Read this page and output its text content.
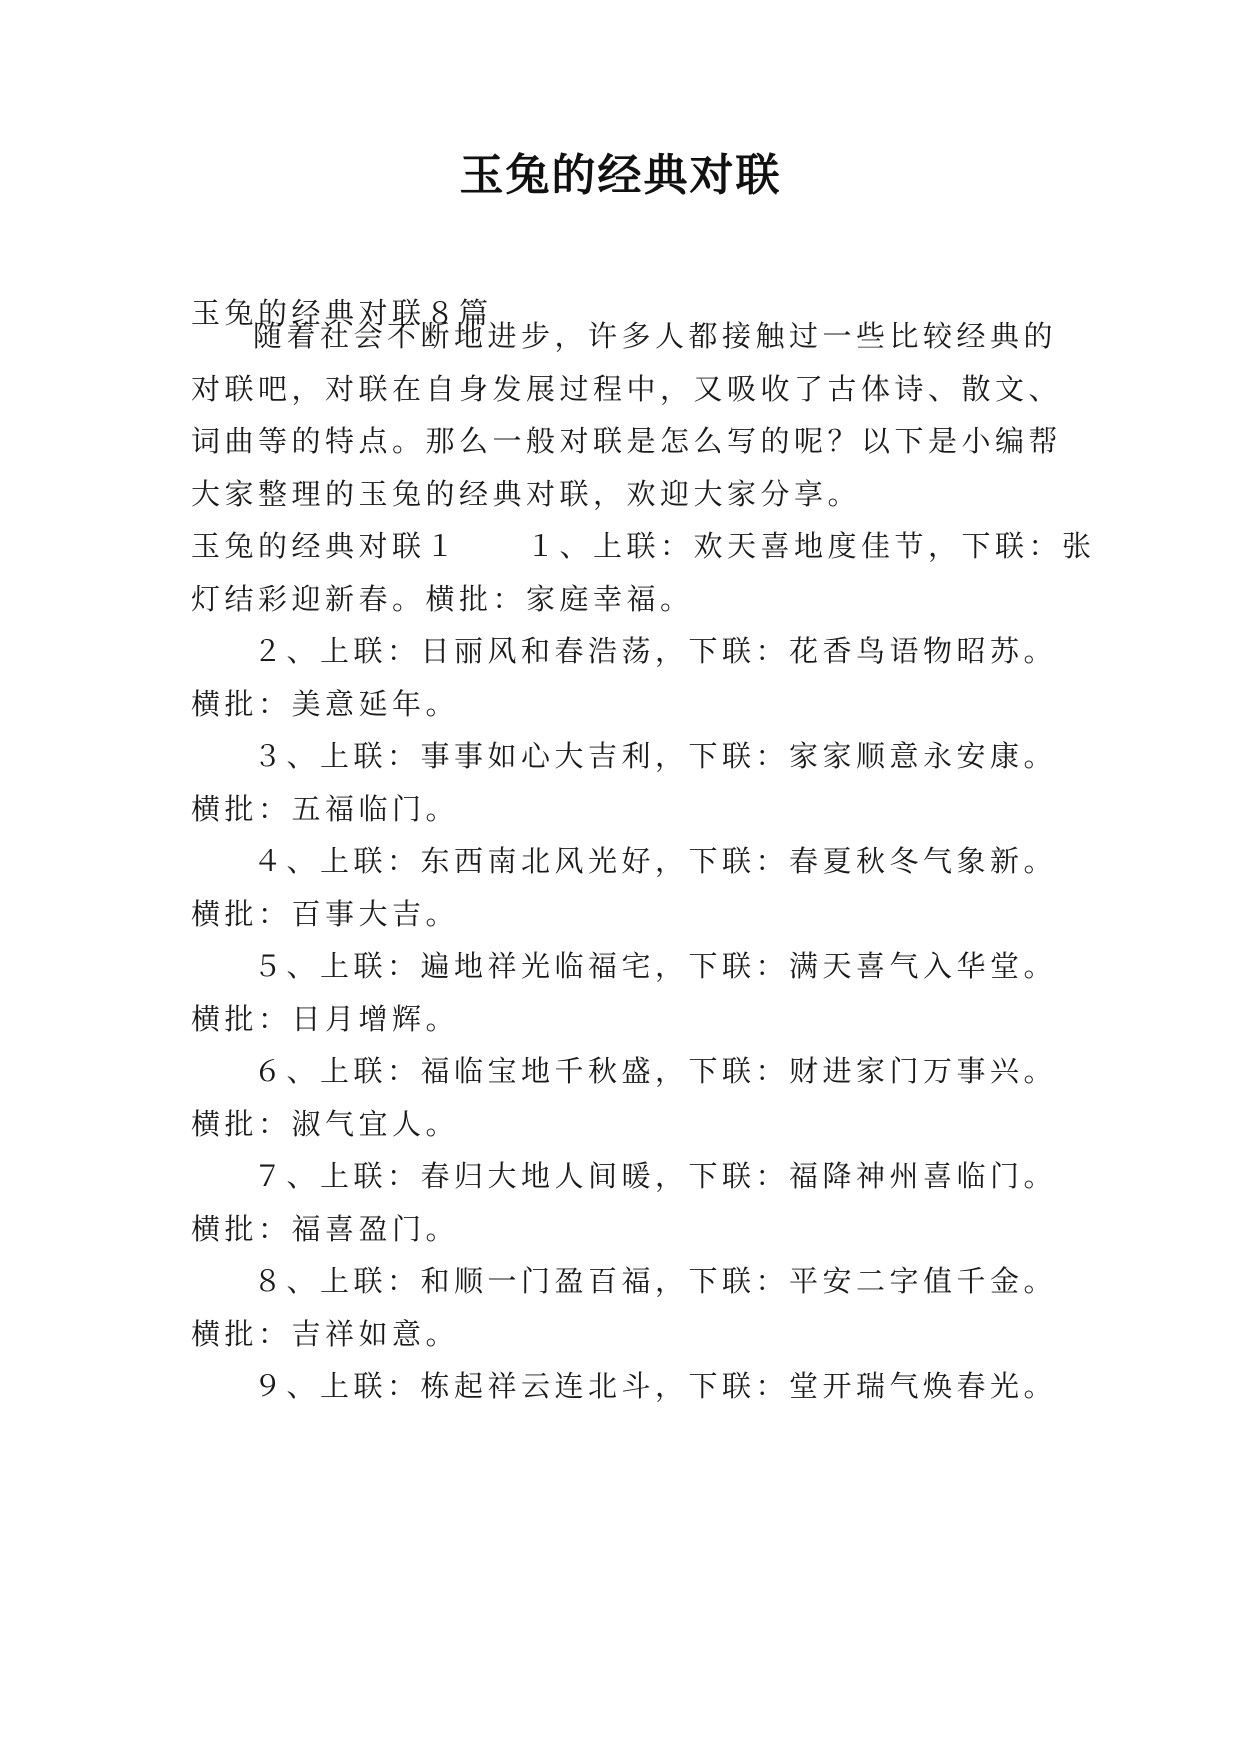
玉兔的经典对联
玉兔的经典对联８篇
随着社会不断地进步，许多人都接触过一些比较经典的
对联吧，对联在自身发展过程中，又吸收了古体诗、散文、
词曲等的特点。那么一般对联是怎么写的呢？以下是小编帮
大家整理的玉兔的经典对联，欢迎大家分享。
玉兔的经典对联１　　１、上联：欢天喜地度佳节，下联：张
灯结彩迎新春。横批：家庭幸福。
２、上联：日丽风和春浩荡，下联：花香鸟语物昭苏。
横批：美意延年。
３、上联：事事如心大吉利，下联：家家顺意永安康。
横批：五福临门。
４、上联：东西南北风光好，下联：春夏秋冬气象新。
横批：百事大吉。
５、上联：遍地祥光临福宅，下联：满天喜气入华堂。
横批：日月增辉。
６、上联：福临宝地千秋盛，下联：财进家门万事兴。
横批：淑气宜人。
７、上联：春归大地人间暖，下联：福降神州喜临门。
横批：福喜盈门。
８、上联：和顺一门盈百福，下联：平安二字值千金。
横批：吉祥如意。
９、上联：栋起祥云连北斗，下联：堂开瑞气焕春光。
